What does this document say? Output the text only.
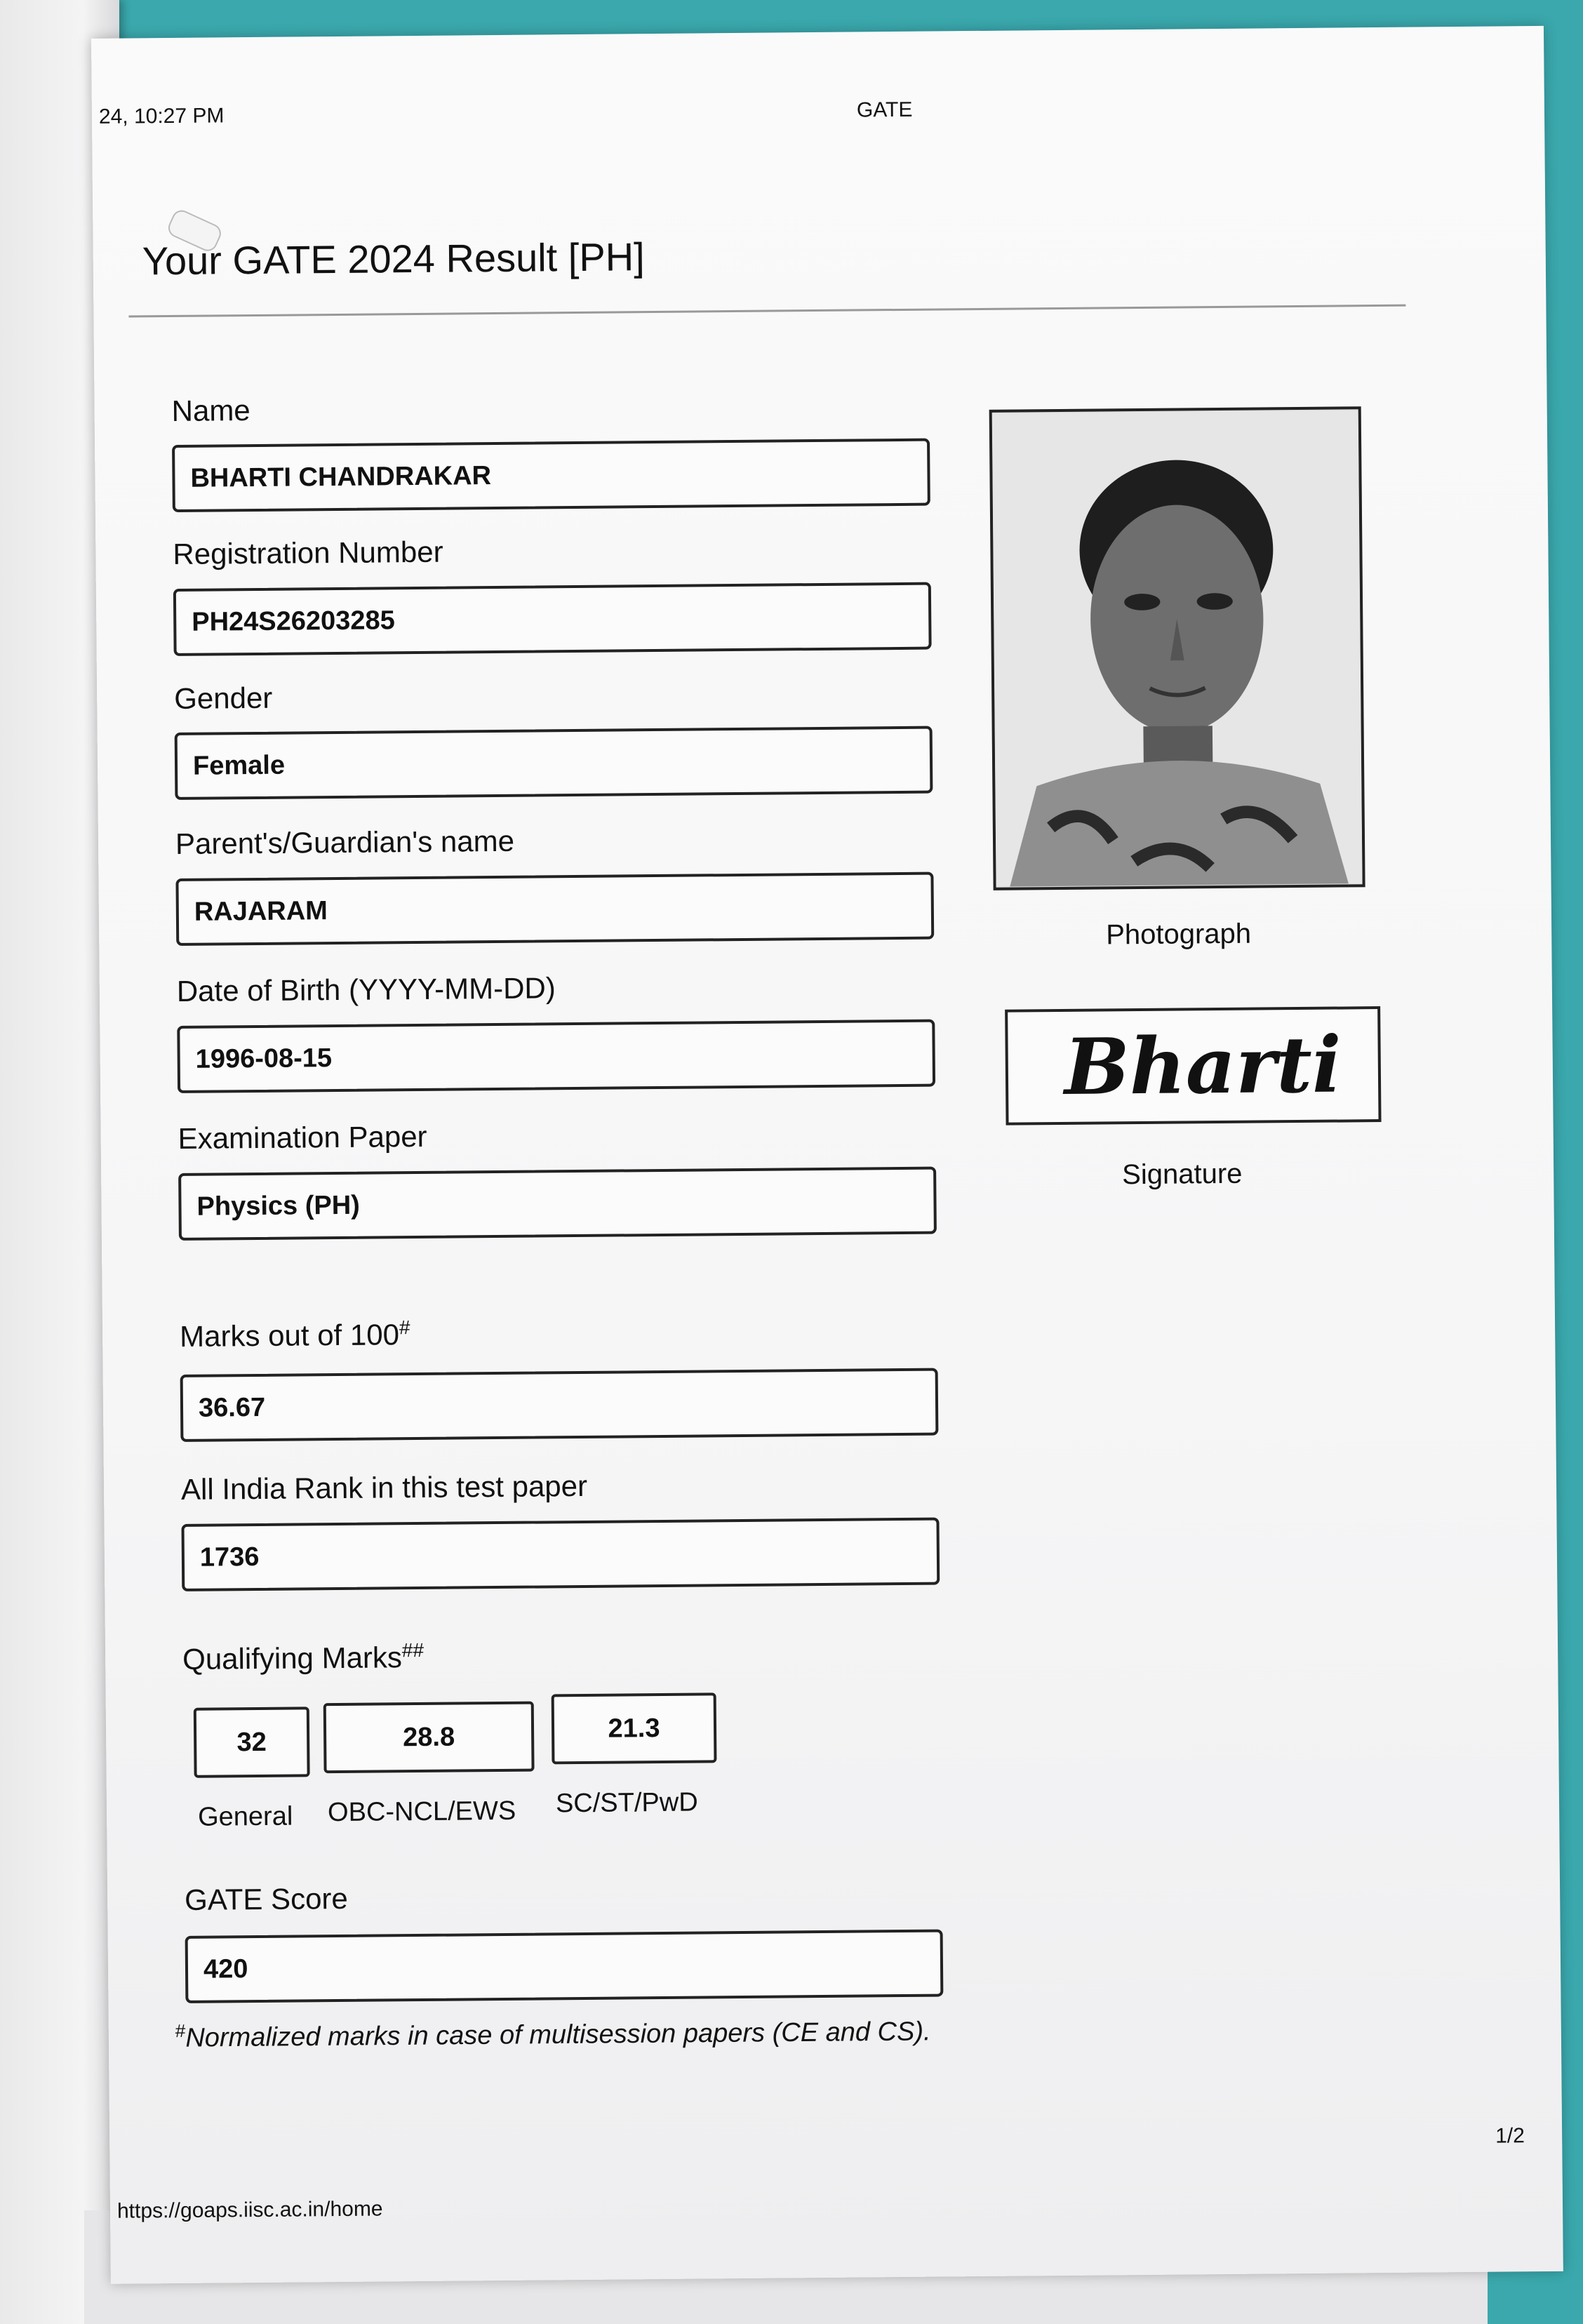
24, 10:27 PM	GATE
Your GATE 2024 Result [PH]
Name
BHARTI CHANDRAKAR
Registration Number
PH24S26203285
Gender
Female
Parent's/Guardian's name
RAJARAM
Date of Birth (YYYY-MM-DD)
1996-08-15
Examination Paper
Physics (PH)
Marks out of 100#
36.67
All India Rank in this test paper
1736
Qualifying Marks##
32	28.8	21.3
General OBC-NCL/EWS SC/ST/PwD
GATE Score
420
#Normalized marks in case of multisession papers (CE and CS).
Photograph
Bharti
Signature
1/2
https://goaps.iisc.ac.in/home
